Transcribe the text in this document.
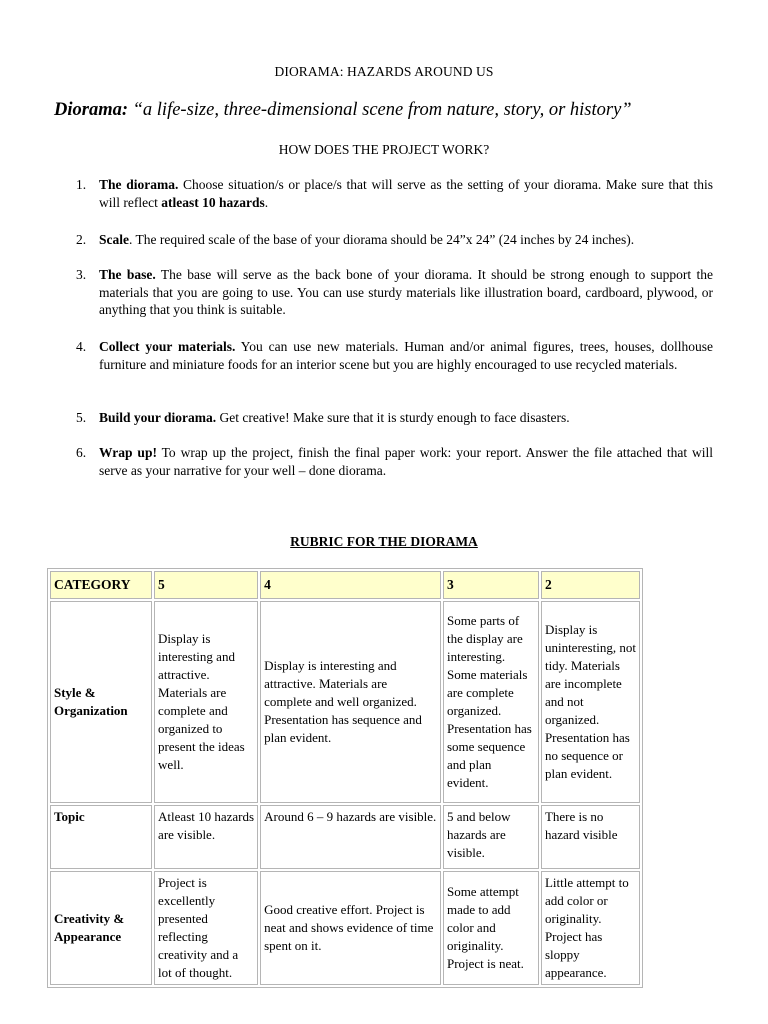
DIORAMA: HAZARDS AROUND US
Diorama: “a life-size, three-dimensional scene from nature, story, or history”
HOW DOES THE PROJECT WORK?
1. The diorama. Choose situation/s or place/s that will serve as the setting of your diorama. Make sure that this will reflect atleast 10 hazards.
2. Scale. The required scale of the base of your diorama should be 24”x 24” (24 inches by 24 inches).
3. The base. The base will serve as the back bone of your diorama. It should be strong enough to support the materials that you are going to use. You can use sturdy materials like illustration board, cardboard, plywood, or anything that you think is suitable.
4. Collect your materials. You can use new materials. Human and/or animal figures, trees, houses, dollhouse furniture and miniature foods for an interior scene but you are highly encouraged to use recycled materials.
5. Build your diorama. Get creative! Make sure that it is sturdy enough to face disasters.
6. Wrap up! To wrap up the project, finish the final paper work: your report. Answer the file attached that will serve as your narrative for your well – done diorama.
RUBRIC FOR THE DIORAMA
CATEGORY	5	4	3	2
Style & Organization	Display is interesting and attractive. Materials are complete and organized to present the ideas well.	Display is interesting and attractive. Materials are complete and well organized. Presentation has sequence and plan evident.	Some parts of the display are interesting. Some materials are complete organized. Presentation has some sequence and plan evident.	Display is uninteresting, not tidy. Materials are incomplete and not organized. Presentation has no sequence or plan evident.
Topic	Atleast 10 hazards are visible.	Around 6 – 9 hazards are visible.	5 and below hazards are visible.	There is no hazard visible
Creativity & Appearance	Project is excellently presented reflecting creativity and a lot of thought.	Good creative effort. Project is neat and shows evidence of time spent on it.	Some attempt made to add color and originality. Project is neat.	Little attempt to add color or originality. Project has sloppy appearance.
